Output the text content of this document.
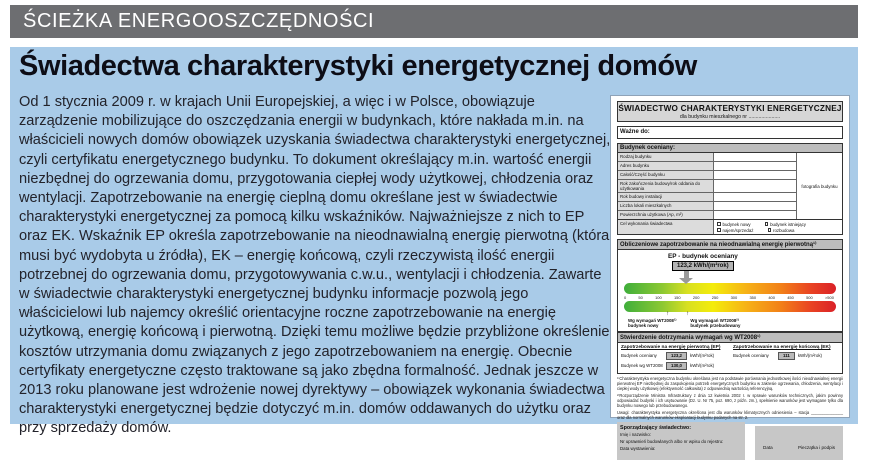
ŚCIEŻKA ENERGOOSZCZĘDNOŚCI
Świadectwa charakterystyki energetycznej domów
Od 1 stycznia 2009 r. w krajach Unii Europejskiej, a więc i w Polsce, obowiązuje zarządzenie mobilizujące do oszczędzania energii w budynkach, które nakłada m.in. na właścicieli nowych domów obowiązek uzyskania świadectwa charakterystyki energetycznej, czyli certyfikatu energetycznego budynku. To dokument określający m.in. wartość energii niezbędnej do ogrzewania domu, przygotowania ciepłej wody użytkowej, chłodzenia oraz wentylacji. Zapotrzebowanie na energię cieplną domu określane jest w świadectwie charakterystyki energetycznej za pomocą kilku wskaźników. Najważniejsze z nich to EP oraz EK. Wskaźnik EP określa zapotrzebowanie na nieodnawialną energię pierwotną (która musi być wydobyta u źródła), EK – energię końcową, czyli rzeczywistą ilość energii potrzebnej do ogrzewania domu, przygotowywania c.w.u., wentylacji i chłodzenia. Zawarte w świadectwie charakterystyki energetycznej budynku informacje pozwolą jego właścicielowi lub najemcy określić orientacyjne roczne zapotrzebowanie na energię użytkową, energię końcową i pierwotną. Dzięki temu możliwe będzie przybliżone określenie kosztów utrzymania domu związanych z jego zapotrzebowaniem na energię. Obecnie certyfikaty energetyczne często traktowane są jako zbędna formalność. Jednak jeszcze w 2013 roku planowane jest wdrożenie nowej dyrektywy – obowiązek wykonania świadectwa charakterystyki energetycznej będzie dotyczyć m.in. domów oddawanych do użytku oraz przy sprzedaży domów.
ŚWIADECTWO CHARAKTERYSTYKI ENERGETYCZNEJ
dla budynku mieszkalnego nr ......................
Ważne do:
Budynek oceniany:
Rodzaj budynku
Adres budynku
Całość/Część budynku
Rok zakończenia budowy/rok oddania do użytkowania
Rok budowy instalacji
Liczba lokali mieszkalnych
Powierzchnia użytkowa (Ap, m²)
fotografia budynku
Cel wykonania świadectwa	budynek nowy	budynek istniejący
najem/sprzedaż	rozbudowa
Obliczeniowe zapotrzebowanie na nieodnawialną energię pierwotną¹⁾
EP - budynek oceniany
123,2 kWh/(m²rok)
0	50	100	150	200	250	300	350	400	450	500	>500
↑	↑
Wg wymagań WT2008¹⁾
budynek nowy
Wg wymagań WT2008²⁾
budynek przebudowany
Stwierdzenie dotrzymania wymagań wg WT2008¹⁾
Zapotrzebowanie na energię pierwotną (EP)
Budynek oceniany	123,2	kWh/(m²rok)
Budynek wg WT2008	130,0	kWh/(m²rok)
Zapotrzebowanie na energię końcową (EK)
Budynek oceniany	111	kWh/(m²rok)
¹⁾Charakterystyka energetyczna budynku określana jest na podstawie porównania jednostkowej ilości nieodnawialnej energii pierwotnej EP niezbędnej do zaspokojenia potrzeb energetycznych budynku w zakresie ogrzewania, chłodzenia, wentylacji i ciepłej wody użytkowej (efektywność całkowita) z odpowiednią wartością referencyjną.
²⁾Rozporządzenie Ministra Infrastruktury z dnia 12 kwietnia 2002 r. w sprawie warunków technicznych, jakim powinny odpowiadać budynki i ich usytuowanie (Dz. U. Nr 75, poz. 690, z późn. zm.), spełnienie warunków jest wymagane tylko dla budynku nowego lub przebudowanego.
Uwagi: charakterystyka energetyczna określona jest dla warunków klimatycznych odniesienia – stacja ______________ oraz dla normalnych warunków eksploatacji budynku podanych na str. 2.
Sporządzający świadectwo:
Imię i nazwisko:
Nr uprawnień budowlanych albo nr wpisu do rejestru:
Data wystawienia:	Data	Pieczątka i podpis
